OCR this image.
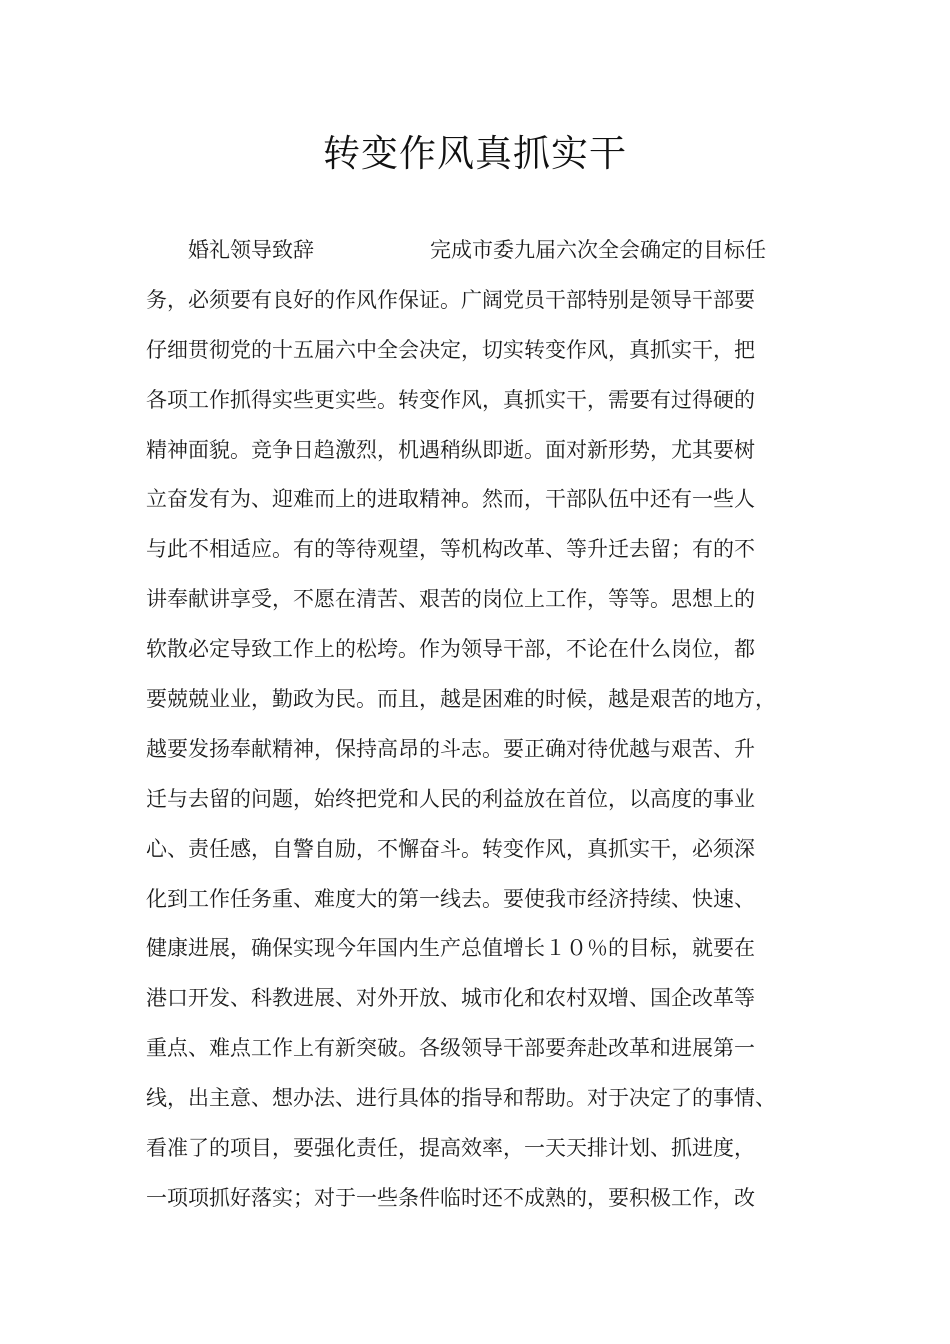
转变作风真抓实干
婚礼领导致辞	完成市委九届六次全会确定的目标任
务，必须要有良好的作风作保证。广阔党员干部特别是领导干部要
仔细贯彻党的十五届六中全会决定，切实转变作风，真抓实干，把
各项工作抓得实些更实些。转变作风，真抓实干，需要有过得硬的
精神面貌。竞争日趋激烈，机遇稍纵即逝。面对新形势，尤其要树
立奋发有为、迎难而上的进取精神。然而，干部队伍中还有一些人
与此不相适应。有的等待观望，等机构改革、等升迁去留；有的不
讲奉献讲享受，不愿在清苦、艰苦的岗位上工作，等等。思想上的
软散必定导致工作上的松垮。作为领导干部，不论在什么岗位，都
要兢兢业业，勤政为民。而且，越是困难的时候，越是艰苦的地方，
越要发扬奉献精神，保持高昂的斗志。要正确对待优越与艰苦、升
迁与去留的问题，始终把党和人民的利益放在首位，以高度的事业
心、责任感，自警自励，不懈奋斗。转变作风，真抓实干，必须深
化到工作任务重、难度大的第一线去。要使我市经济持续、快速、
健康进展，确保实现今年国内生产总值增长１０％的目标，就要在
港口开发、科教进展、对外开放、城市化和农村双增、国企改革等
重点、难点工作上有新突破。各级领导干部要奔赴改革和进展第一
线，出主意、想办法、进行具体的指导和帮助。对于决定了的事情、
看准了的项目，要强化责任，提高效率，一天天排计划、抓进度，
一项项抓好落实；对于一些条件临时还不成熟的，要积极工作，改
